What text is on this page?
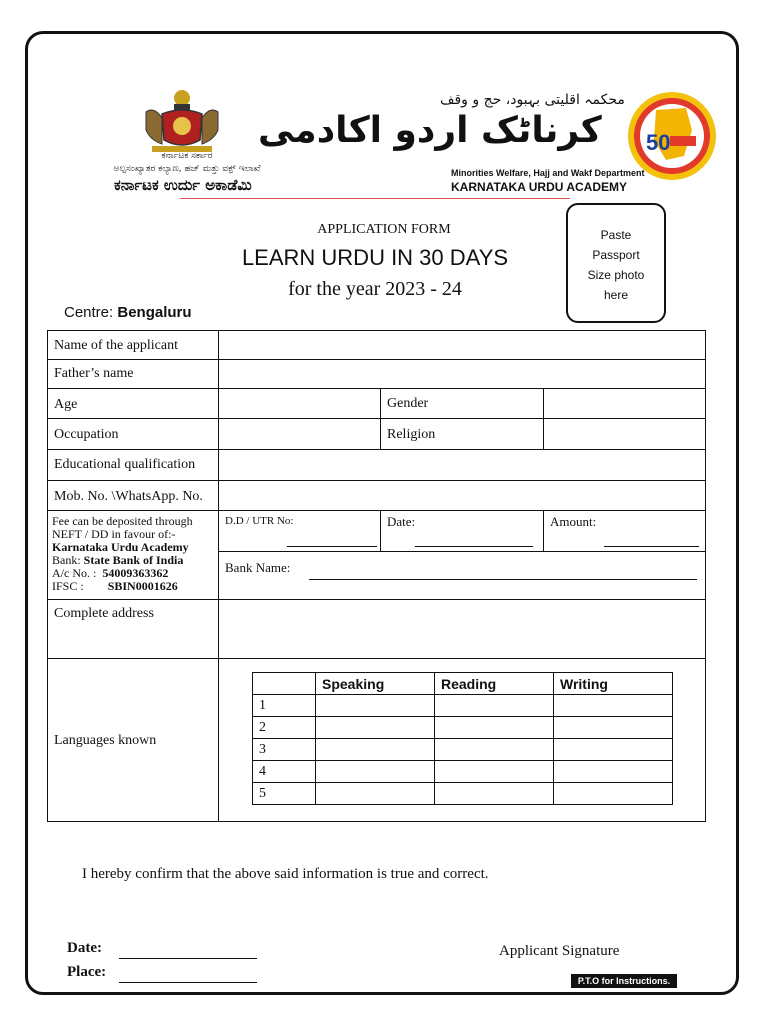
ಕರ್ನಾಟಕ ಸರ್ಕಾರ
ಅಲ್ಪಸಂಖ್ಯಾತರ ಕಲ್ಯಾಣ, ಹಜ್ ಮತ್ತು ವಕ್ಫ್ ಇಲಾಖೆ
ಕರ್ನಾಟಕ ಉರ್ದು ಅಕಾಡೆಮಿ
محکمہ اقلیتی بہبود، حج و وقف
کرناٹک اردو اکادمی
Minorities Welfare, Hajj and Wakf Department
KARNATAKA URDU ACADEMY
50
Paste
Passport
Size photo
here
APPLICATION FORM
LEARN URDU IN 30 DAYS
for the year 2023 - 24
Centre: Bengaluru
Name of the applicant
Father’s name
Age	Gender
Occupation	Religion
Educational qualification
Mob. No. \WhatsApp. No.
Fee can be deposited through
NEFT / DD in favour of:-
Karnataka Urdu Academy
Bank: State Bank of India
A/c No. : 54009363362
IFSC : SBIN0001626
D.D / UTR No:	Date:	Amount:
Bank Name:
Complete address
Languages known
	Speaking	Reading	Writing
1			
2			
3			
4			
5			
I hereby confirm that the above said information is true and correct.
Date:
Place:
Applicant Signature
P.T.O for Instructions.
